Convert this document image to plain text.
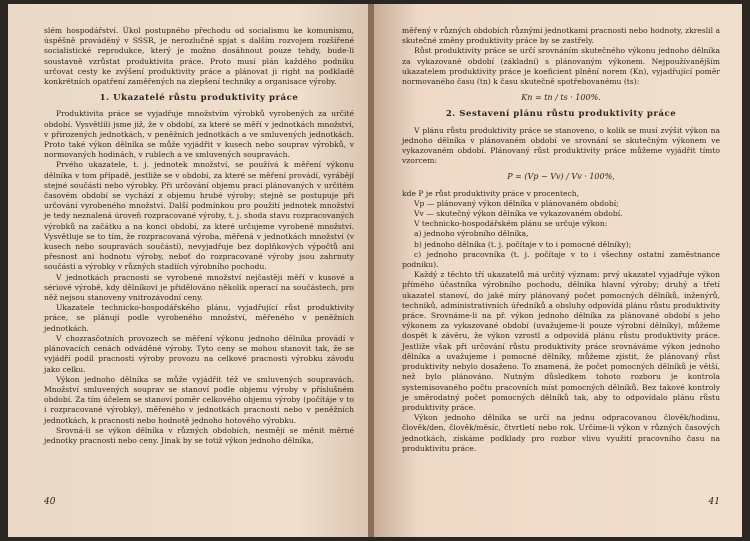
slém hospodářství. Úkol postupného přechodu od socialismu ke komunismu, úspěšně prováděný v SSSR, je nerozlučně spjat s dalším rozvojem rozšířené socialistické reprodukce, který je možno dosáhnout pouze tehdy, bude-li soustavně vzrůstat produktivita práce. Proto musí plán každého podniku určovat cesty ke zvýšení produktivity práce a plánovat ji right na podkladě konkrétních opatření zaměřených na zlepšení techniky a organisace výroby.

1. Ukazatelé růstu produktivity práce

Produktivita práce se vyjadřuje množstvím výrobků vyrobených za určité období. Vysvětlili jsme již, že v období, za které se měří v jednotkách množství, v přirozených jednotkách, v peněžních jednotkách a ve smluvených jednotkách. Proto také výkon dělníka se může vyjádřit v kusech nebo souprav výrobků, v normovaných hodinách, v rublech a ve smluvených soupravách.

Prvého ukazatele, t. j. jednotek množství, se používá k měření výkonu dělníka v tom případě, jestliže se v období, za které se měření provádí, vyrábějí stejné součásti nebo výrobky. Při určování objemu prací plánovaných v určitém časovém období se vychází z objemu hrubé výroby; stejně se postupuje při určování vyrobeného množství. Další podmínkou pro použití jednotek množství je tedy neznalená úroveň rozpracované výroby, t. j. shoda stavu rozpracovaných výrobků na začátku a na konci období, za které určujeme vyrobené množství. Vysvětluje se to tím, že rozpracovaná výroba, měřená v jednotkách množství (v kusech nebo soupravách součástí), nevyjadřuje bez doplňkových výpočtů ani přesnost ani hodnotu výroby, neboť do rozpracované výroby jsou zahrnuty součásti a výrobky v různých stadiích výrobního pochodu.

V jednotkách pracnosti se vyrobené množství nejčastěji měří v kusové a sériové výrobě, kdy dělníkovi je přidělováno několik operací na součástech, pro něž nejsou stanoveny vnitrozávodní ceny.

Ukazatele technicko-hospodářského plánu, vyjadřující růst produktivity práce, se plánují podle vyrobeného množství, měřeného v peněžních jednotkách.

V chozrasčotních provozech se měření výkonu jednoho dělníka provádí v plánovacích cenách odváděné výroby. Tyto ceny se mohou stanovit tak, že se vyjádří podíl pracnosti výroby provozu na celkové pracnosti výrobku závodu jako celku.

Výkon jednoho dělníka se může vyjádřit též ve smluvených soupravách. Množství smluvených souprav se stanoví podle objemu výroby v příslušném období. Za tím účelem se stanoví poměr celkového objemu výroby (počítáje v to i rozpracované výrobky), měřeného v jednotkách pracnosti nebo v peněžních jednotkách, k pracnosti nebo hodnotě jednoho hotového výrobku.

Srovná-li se výkon dělníka v různých obdobích, nesmějí se měnit měrné jednotky pracnosti nebo ceny. Jinak by se totiž výkon jednoho dělníka,

40

měřený v různých obdobích různými jednotkami pracnosti nebo hodnoty, zkreslil a skutečné změny produktivity práce by se zastřely.

Růst produktivity práce se určí srovnáním skutečného výkonu jednoho dělníka za vykazované období (základní) s plánovaným výkonem. Nejpoužívanějším ukazatelem produktivity práce je koeficient plnění norem (Kn), vyjadřující poměr normovaného času (tn) k času skutečně spotřebovanému (ts):

Kn = tn / ts · 100%.
2. Sestavení plánu růstu produktivity práce

V plánu růstu produktivity práce se stanoveno, o kolik se musí zvýšit výkon na jednoho dělníka v plánovaném období ve srovnání se skutečným výkonem ve vykazovaném období. Plánovaný růst produktivity práce můžeme vyjádřit tímto vzorcem:

P = (Vp − Vv) / Vv · 100%,

kde P je růst produktivity práce v procentech,

Vp — plánovaný výkon dělníka v plánovaném období;

Vv — skutečný výkon dělníka ve vykazovaném období.

V technicko-hospodářském plánu se určuje výkon:

a) jednoho výrobního dělníka,

b) jednoho dělníka (t. j. počítaje v to i pomocné dělníky);

c) jednoho pracovníka (t. j. počítaje v to i všechny ostatní zaměstnance podniku).

Každý z těchto tří ukazatelů má určitý význam: prvý ukazatel vyjadřuje výkon přímého účastníka výrobního pochodu, dělníka hlavní výroby; druhý a třetí ukazatel stanoví, do jaké míry plánovaný počet pomocných dělníků, inženýrů, techniků, administrativních úředníků a obsluhy odpovídá plánu růstu produktivity práce. Srovnáme-li na př. výkon jednoho dělníka za plánované období s jeho výkonem za vykazované období (uvažujeme-li pouze výrobní dělníky), můžeme dospět k závěru, že výkon vzrostl a odpovídá plánu růstu produktivity práce. Jestliže však při určování růstu produktivity práce srovnáváme výkon jednoho dělníka a uvažujeme i pomocné dělníky, můžeme zjistit, že plánovaný růst produktivity nebylo dosaženo. To znamená, že počet pomocných dělníků je větší, než bylo plánováno. Nutným důsledkem tohoto rozboru je kontrola systemisovaného počtu pracovních míst pomocných dělníků. Bez takové kontroly je směrodatný počet pomocných dělníků tak, aby to odpovídalo plánu růstu produktivity práce.

Výkon jednoho dělníka se určí na jednu odpracovanou člověk/hodinu, člověk/den, člověk/měsíc, čtvrtletí nebo rok. Určíme-li výkon v různých časových jednotkách, získáme podklady pro rozbor vlivu využití pracovního času na produktivitu práce.

41
